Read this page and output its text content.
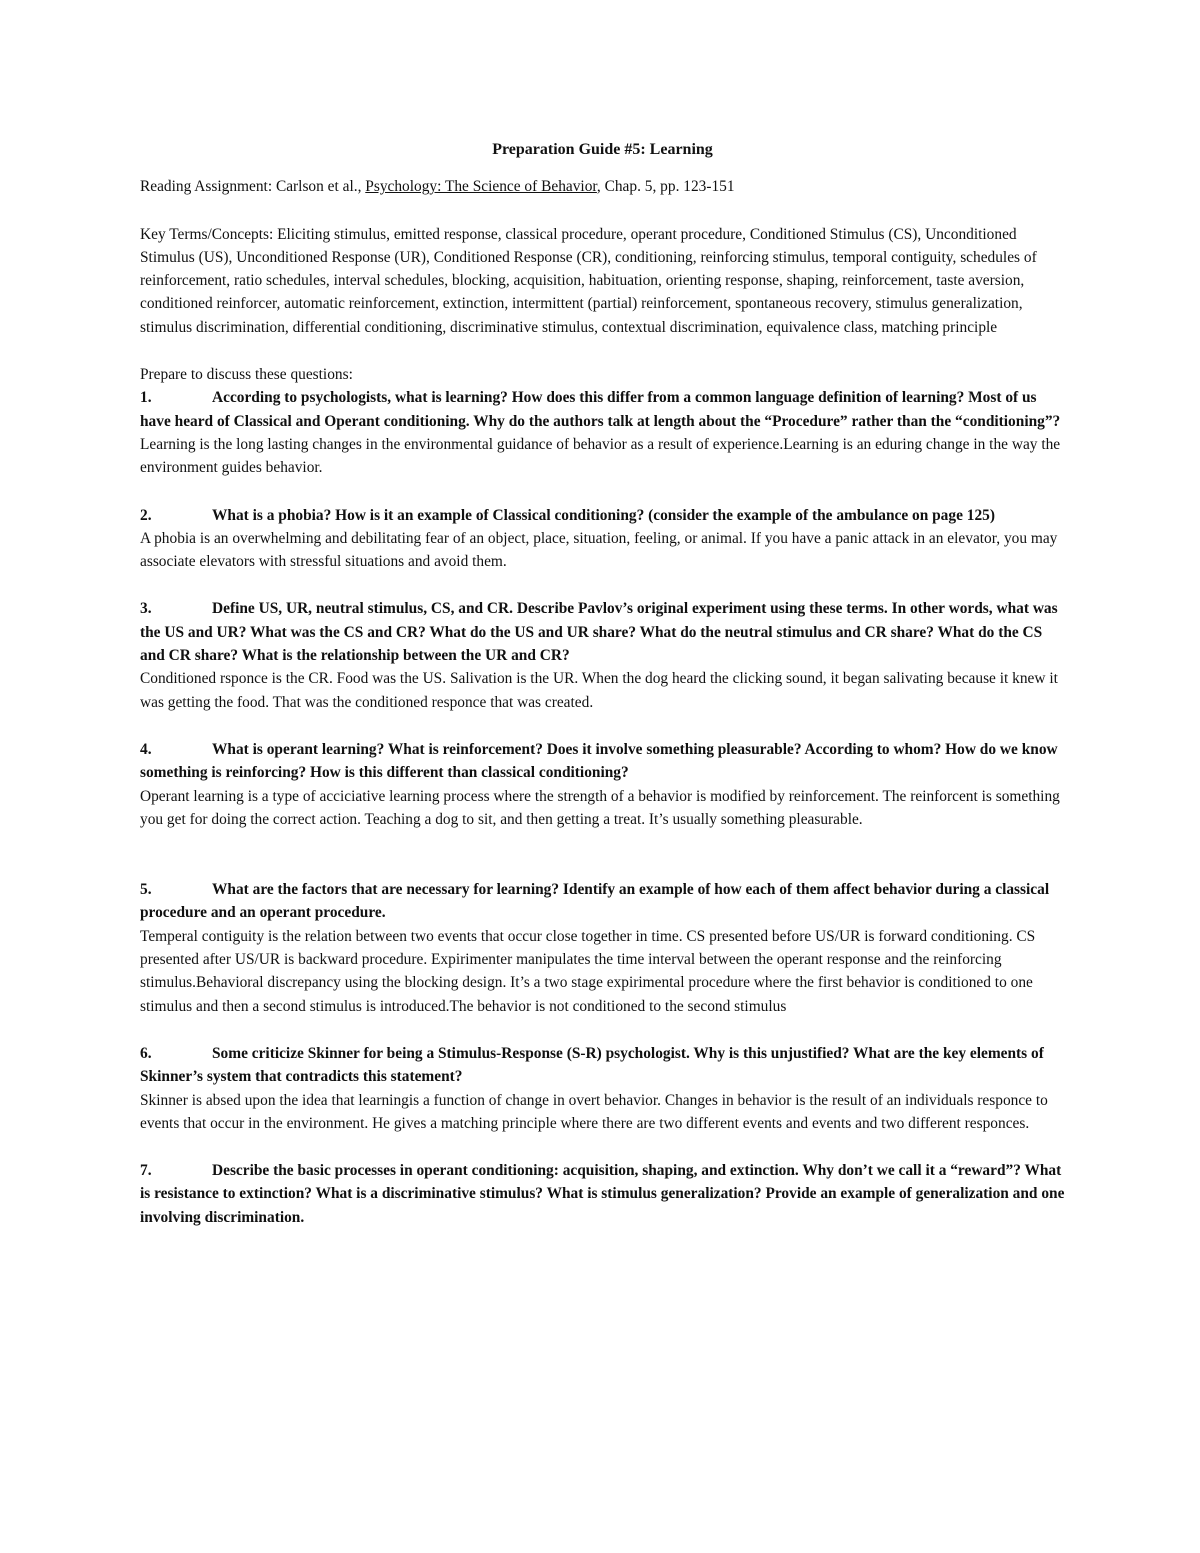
Preparation Guide #5: Learning

Reading Assignment: Carlson et al., Psychology: The Science of Behavior, Chap. 5, pp. 123-151

Key Terms/Concepts: Eliciting stimulus, emitted response, classical procedure, operant procedure, Conditioned Stimulus (CS), Unconditioned Stimulus (US), Unconditioned Response (UR), Conditioned Response (CR), conditioning, reinforcing stimulus, temporal contiguity, schedules of reinforcement, ratio schedules, interval schedules, blocking, acquisition, habituation, orienting response, shaping, reinforcement, taste aversion, conditioned reinforcer, automatic reinforcement, extinction, intermittent (partial) reinforcement, spontaneous recovery, stimulus generalization, stimulus discrimination, differential conditioning, discriminative stimulus, contextual discrimination, equivalence class, matching principle

Prepare to discuss these questions:

1.	According to psychologists, what is learning? How does this differ from a common language definition of learning? Most of us have heard of Classical and Operant conditioning. Why do the authors talk at length about the “Procedure” rather than the “conditioning”?

Learning is the long lasting changes in the environmental guidance of behavior as a result of experience.Learning is an eduring change in the way the environment guides behavior.

2.	What is a phobia? How is it an example of Classical conditioning? (consider the example of the ambulance on page 125)

A phobia is an overwhelming and debilitating fear of an object, place, situation, feeling, or animal. If you have a panic attack in an elevator, you may associate elevators with stressful situations and avoid them.

3.	Define US, UR, neutral stimulus, CS, and CR. Describe Pavlov’s original experiment using these terms. In other words, what was the US and UR? What was the CS and CR? What do the US and UR share? What do the neutral stimulus and CR share? What do the CS and CR share? What is the relationship between the UR and CR?

Conditioned rsponce is the CR. Food was the US. Salivation is the UR. When the dog heard the clicking sound, it began salivating because it knew it was getting the food. That was the conditioned responce that was created.

4.	What is operant learning? What is reinforcement? Does it involve something pleasurable? According to whom? How do we know something is reinforcing? How is this different than classical conditioning?

Operant learning is a type of acciciative learning process where the strength of a behavior is modified by reinforcement. The reinforcent is something you get for doing the correct action. Teaching a dog to sit, and then getting a treat. It’s usually something pleasurable.

5.	What are the factors that are necessary for learning? Identify an example of how each of them affect behavior during a classical procedure and an operant procedure.

Temperal contiguity is the relation between two events that occur close together in time. CS presented before US/UR is forward conditioning. CS presented after US/UR is backward procedure. Expirimenter manipulates the time interval between the operant response and the reinforcing stimulus.Behavioral discrepancy using the blocking design. It’s a two stage expirimental procedure where the first behavior is conditioned to one stimulus and then a second stimulus is introduced.The behavior is not conditioned to the second stimulus

6.	Some criticize Skinner for being a Stimulus-Response (S-R) psychologist. Why is this unjustified? What are the key elements of Skinner’s system that contradicts this statement?

Skinner is absed upon the idea that learningis a function of change in overt behavior. Changes in behavior is the result of an individuals responce to events that occur in the environment. He gives a matching principle where there are two different events and events and two different responces.

7.	Describe the basic processes in operant conditioning: acquisition, shaping, and extinction. Why don’t we call it a “reward”? What is resistance to extinction? What is a discriminative stimulus? What is stimulus generalization? Provide an example of generalization and one involving discrimination.
